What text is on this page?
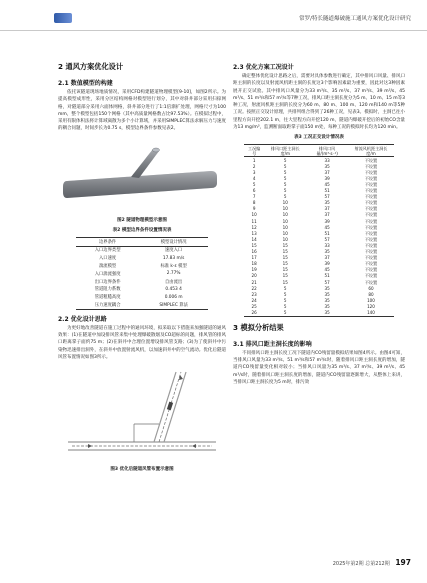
常罗/特长隧道爆破施工通风方案优化设计研究
2 通风方案优化设计
2.1 数值模型的构建

依托该隧道现场地质情况，采用CFD构建隧道物理模型[9-10]，如图2所示。为提高模型成形性，采用分区结构网格对模型进行划分，其中对斜井部分采用扫掠网格，对隧道部分采用六面体网格，斜井部分进行了1:1倍渐扩处理，网格尺寸为100 mm，整个模型包括150个网格（其中高质量网格数占比97.53%）。在模拟过程中，采用有限体积法将计算域离散为多个小计算域，并采用SIMPLEC算法求解压力与速度的耦合问题，时间步长为0.75 s，模型边界条件参数见表2。

图2 隧道物理模型示意图
表2 模型边界条件设置情况表
边界条件	模型设计情况
入口边界类型	速度入口
入口速度	17.83 m/s
湍流模型	标准 k-ε 模型
入口湍流强度	2.77%
出口边界条件	自由流出
管道阻力系数	0.453 4
管道粗糙高度	0.006 m
压力速度耦合	SIMPLEC 算法
2.2 优化设计思路

为更好地改善隧道在施工过程中的通风环境，拟采取以下措施来加强隧道的通风效果：(1)在隧道中加设排风管来集中处理爆破散烟及CO超标的问题，排风管的排风口距离掌子面约75 m；(2)在斜井中合理位置增设排风管支路；(3)为了使斜井中污染物迅速排出洞外，在斜井中放置射流风机，以加速斜井中的空气流动。优化后隧道风管布置情况如图3所示。

图3 优化后隧道风管布置示意图
2.3 优化方案工况设计

确定整体优化设计思路之后，需要对具体参数进行确定，其中排风口风量、排风口距主洞的长度以及射流风机距主洞的长度这3个影响因素最为重要，因此对这3种因素展开正交试验。其中排风口风量分为33 m³/s、35 m³/s、37 m³/s、39 m³/s、45 m³/s、51 m³/s和57 m³/s等7种工况，排风口距主洞长度分为5 m、10 m、15 m等3种工况，射流风机距主洞的长度分为60 m、80 m、100 m、120 m和140 m等5种工况。按照正交设计原理，共排列组合得到了26种工况，见表3。模拟时，主洞已往小里程方向开挖202.1 m，往大里程方向开挖120 m，隧道内爆破开挖后的初始CO含量为13 mg/m³，监测断面取距掌子面150 m处，每种工况的模拟时长均为120 min。

表3 工况正交设计情况表
工况编号	排风口距主洞长度/m	排风口风量/(m³·s⁻¹)	射流风机距主洞长度/m
1	5	33	不设置
2	5	35	不设置
3	5	37	不设置
4	5	39	不设置
5	5	45	不设置
6	5	51	不设置
7	5	57	不设置
8	10	35	不设置
9	10	37	不设置
10	10	37	不设置
11	10	39	不设置
12	10	45	不设置
13	10	51	不设置
14	10	57	不设置
15	15	33	不设置
16	15	35	不设置
17	15	37	不设置
18	15	39	不设置
19	15	45	不设置
20	15	51	不设置
21	15	57	不设置
22	5	35	60
23	5	35	80
24	5	35	100
25	5	35	120
26	5	35	140
3 模拟分析结果
3.1 排风口距主洞长度的影响

不同排风口距主洞长度工况下隧道内CO残留量模拟结果如图4所示。由图4可知，当排风口风量为33 m³/s、51 m³/s和57 m³/s时，随着排风口距主洞长度的增加，隧道内CO残留量变化相对较小；当排风口风量为35 m³/s、37 m³/s、39 m³/s、45 m³/s时，随着排风口距主洞长度的增加，隧道内CO残留量逐渐增大，从整体上来讲，当排风口距主洞长度为5 m时，排污效

2025年第2期 总第212期 197
